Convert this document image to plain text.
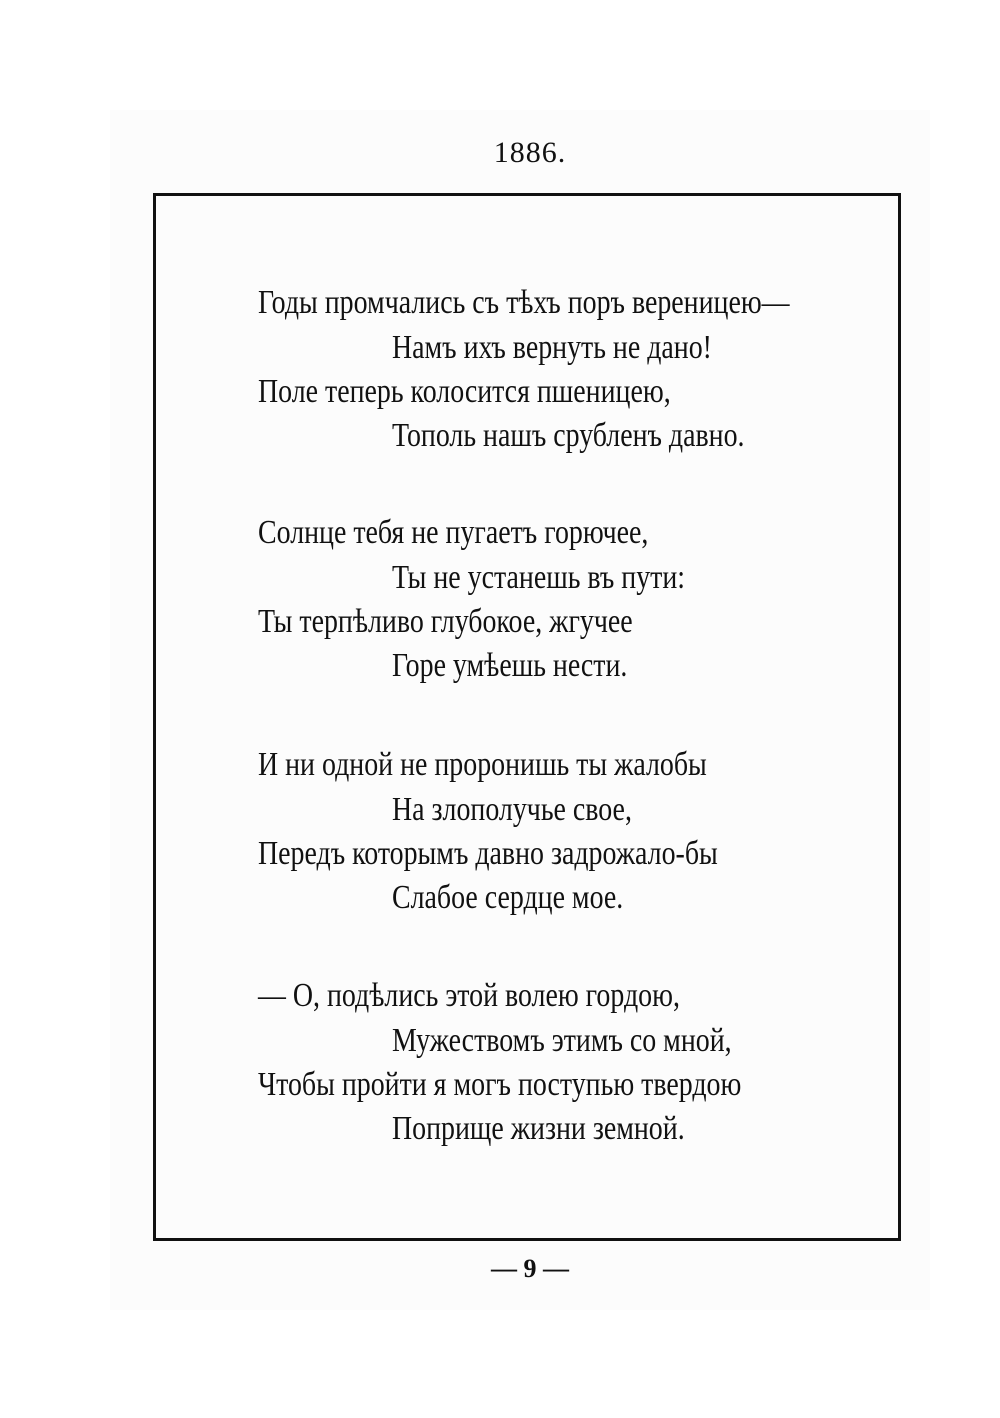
1886.
Годы промчались съ тѣхъ поръ вереницею—
Намъ ихъ вернуть не дано!
Поле теперь колосится пшеницею,
Тополь нашъ срубленъ давно.
Солнце тебя не пугаетъ горючее,
Ты не устанешь въ пути:
Ты терпѣливо глубокое, жгучее
Горе умѣешь нести.
И ни одной не проронишь ты жалобы
На злополучье свое,
Передъ которымъ давно задрожало-бы
Слабое сердце мое.
— О, подѣлись этой волею гордою,
Мужествомъ этимъ со мной,
Чтобы пройти я могъ поступью твердою
Поприще жизни земной.
— 9 —
